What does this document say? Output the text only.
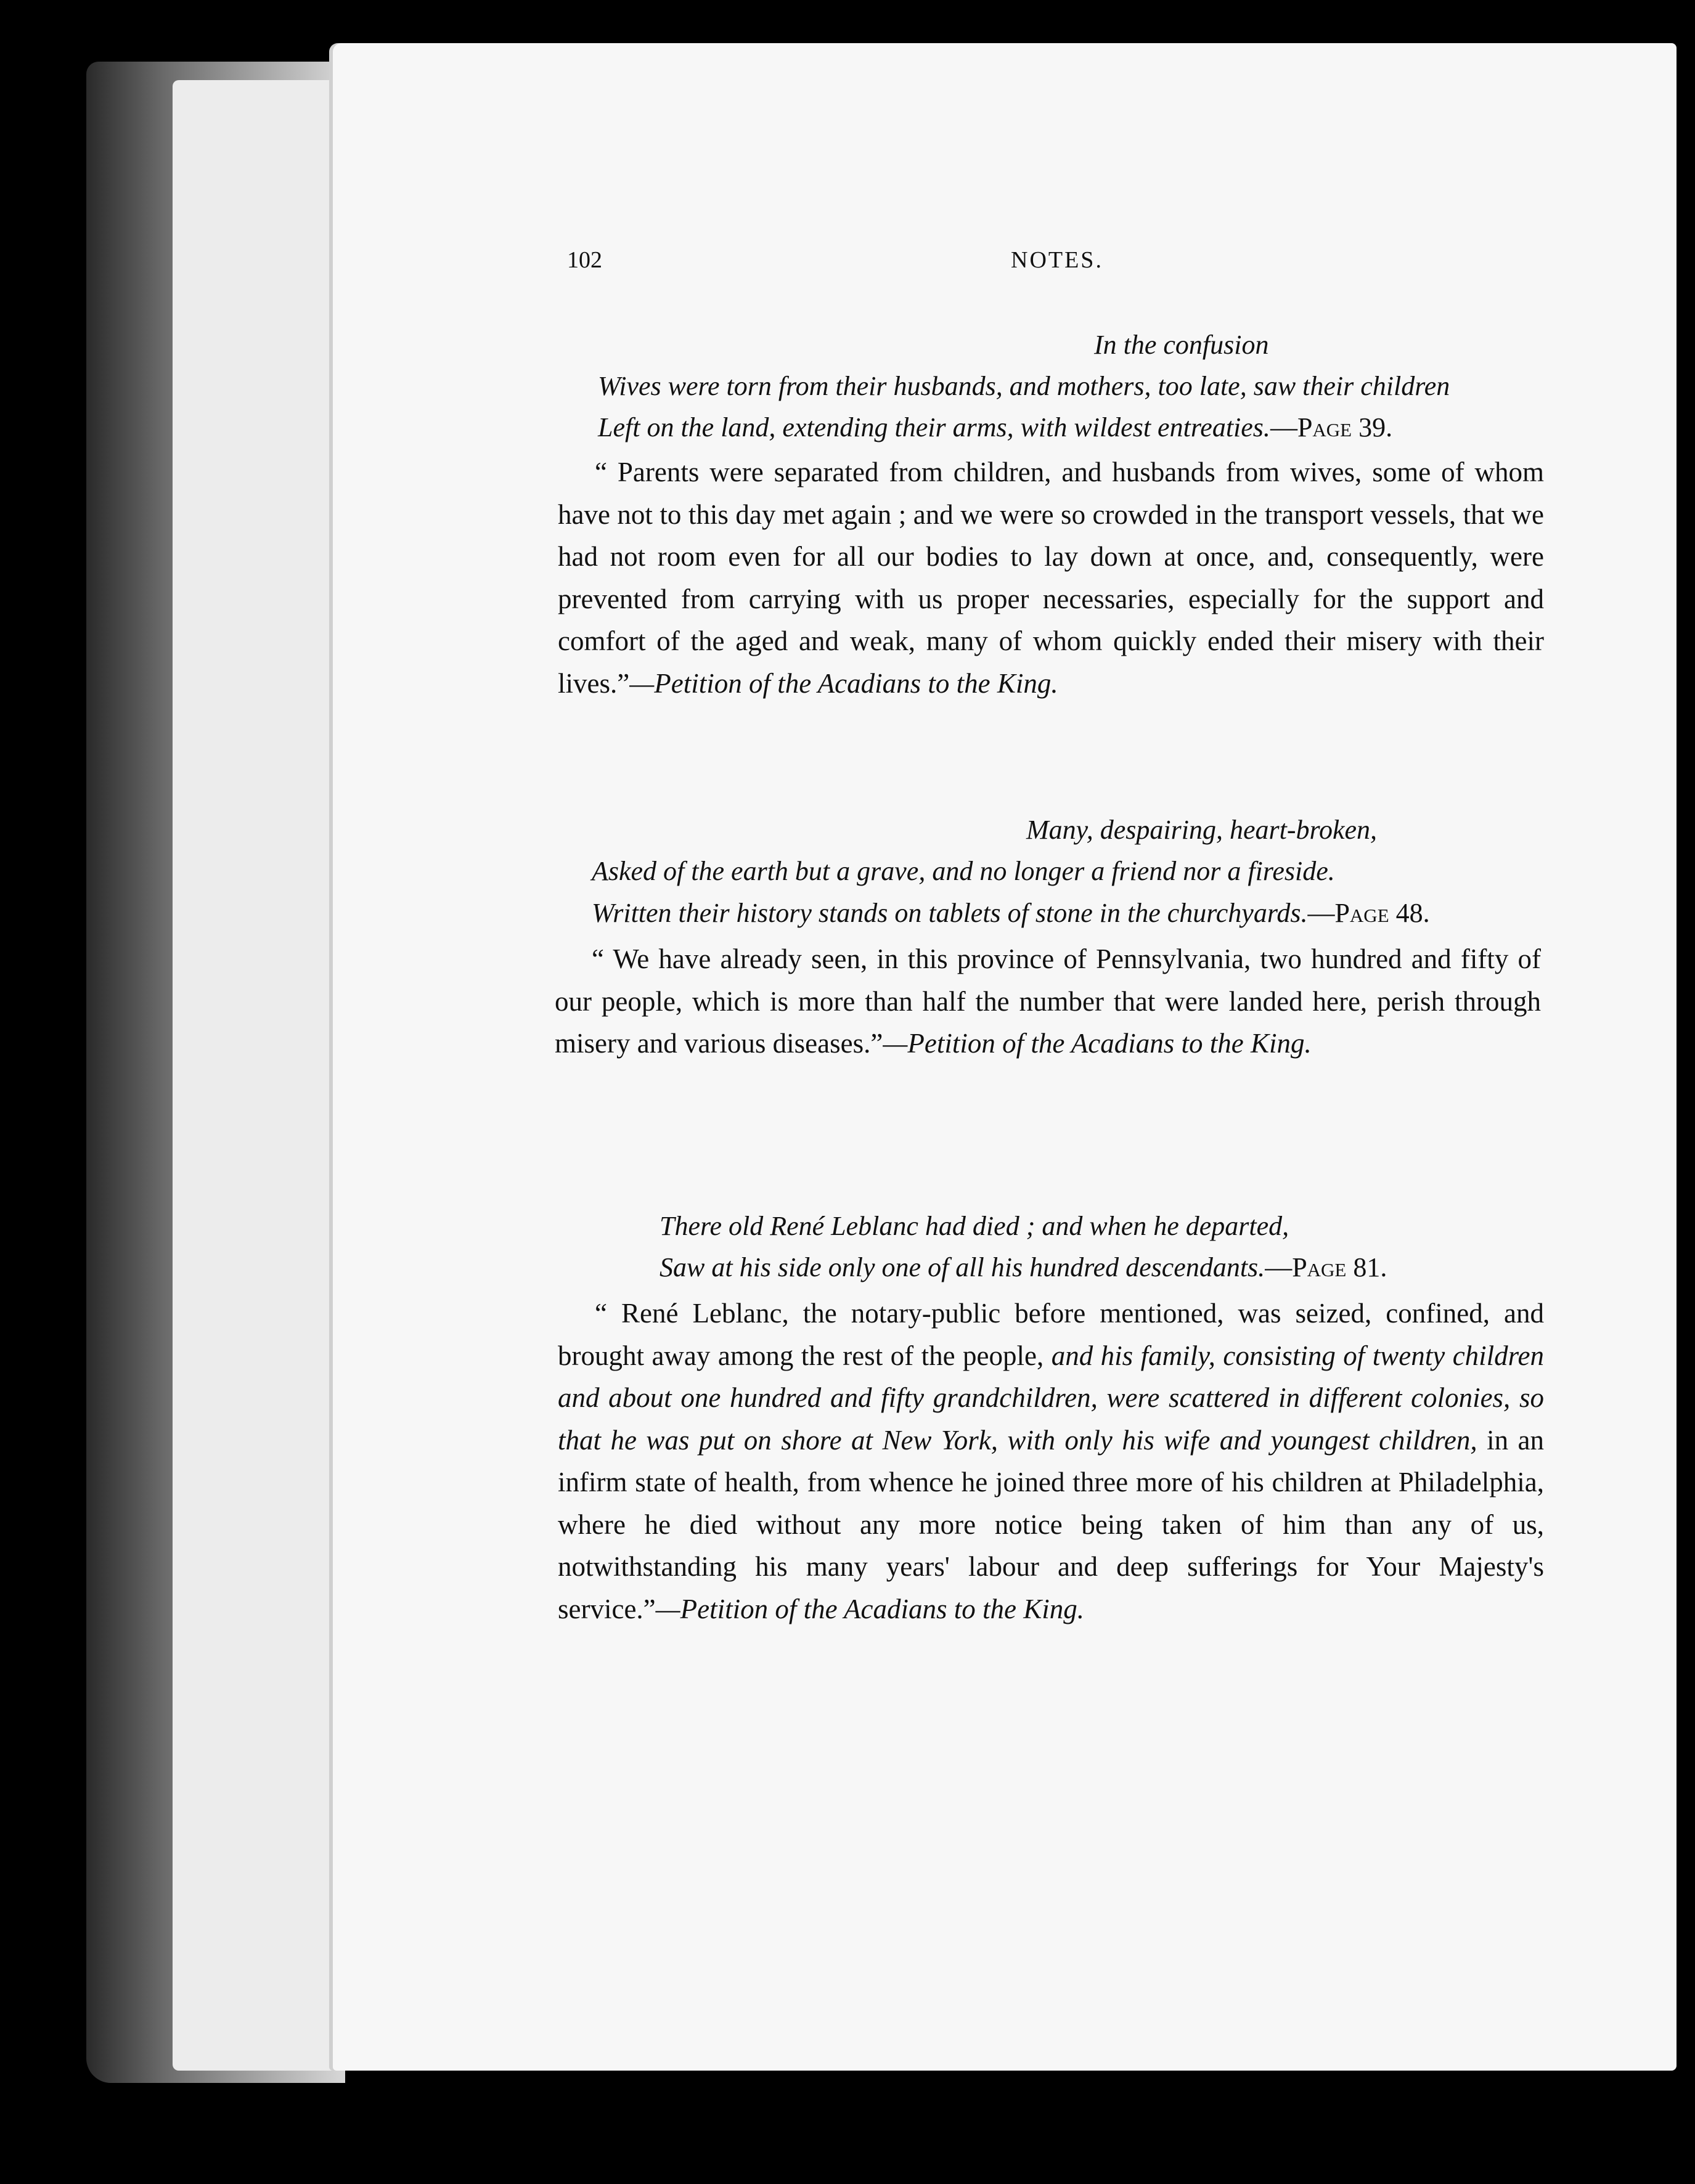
102	NOTES.
In the confusion
Wives were torn from their husbands, and mothers, too late, saw their children
Left on the land, extending their arms, with wildest entreaties.—Page 39.

“ Parents were separated from children, and husbands from wives, some of whom have not to this day met again ; and we were so crowded in the transport vessels, that we had not room even for all our bodies to lay down at once, and, consequently, were prevented from carrying with us proper necessaries, especially for the support and comfort of the aged and weak, many of whom quickly ended their misery with their lives.”—Petition of the Acadians to the King.

Many, despairing, heart-broken,
Asked of the earth but a grave, and no longer a friend nor a fireside.
Written their history stands on tablets of stone in the churchyards.—Page 48.

“ We have already seen, in this province of Pennsylvania, two hundred and fifty of our people, which is more than half the number that were landed here, perish through misery and various diseases.”—Petition of the Acadians to the King.

There old René Leblanc had died ; and when he departed,
Saw at his side only one of all his hundred descendants.—Page 81.

“ René Leblanc, the notary-public before mentioned, was seized, confined, and brought away among the rest of the people, and his family, consisting of twenty children and about one hundred and fifty grandchildren, were scattered in different colonies, so that he was put on shore at New York, with only his wife and youngest children, in an infirm state of health, from whence he joined three more of his children at Philadelphia, where he died without any more notice being taken of him than any of us, notwithstanding his many years' labour and deep sufferings for Your Majesty's service.”—Petition of the Acadians to the King.
